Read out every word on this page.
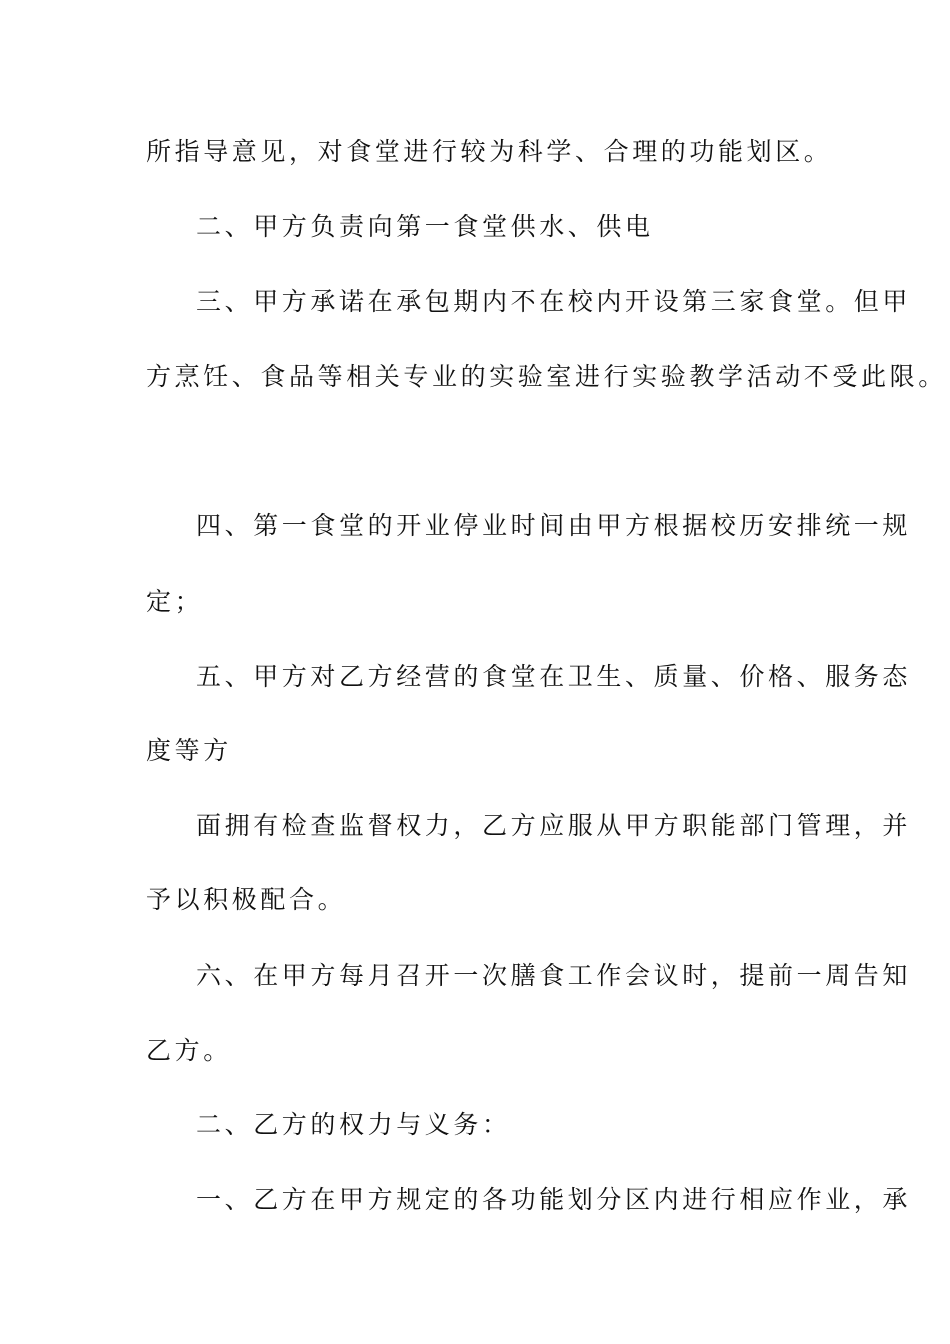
所指导意见，对食堂进行较为科学、合理的功能划区。
二、甲方负责向第一食堂供水、供电
三、甲方承诺在承包期内不在校内开设第三家食堂。但甲
方烹饪、食品等相关专业的实验室进行实验教学活动不受此限。
四、第一食堂的开业停业时间由甲方根据校历安排统一规
定；
五、甲方对乙方经营的食堂在卫生、质量、价格、服务态
度等方
面拥有检查监督权力，乙方应服从甲方职能部门管理，并
予以积极配合。
六、在甲方每月召开一次膳食工作会议时，提前一周告知
乙方。
二、乙方的权力与义务：
一、乙方在甲方规定的各功能划分区内进行相应作业，承
